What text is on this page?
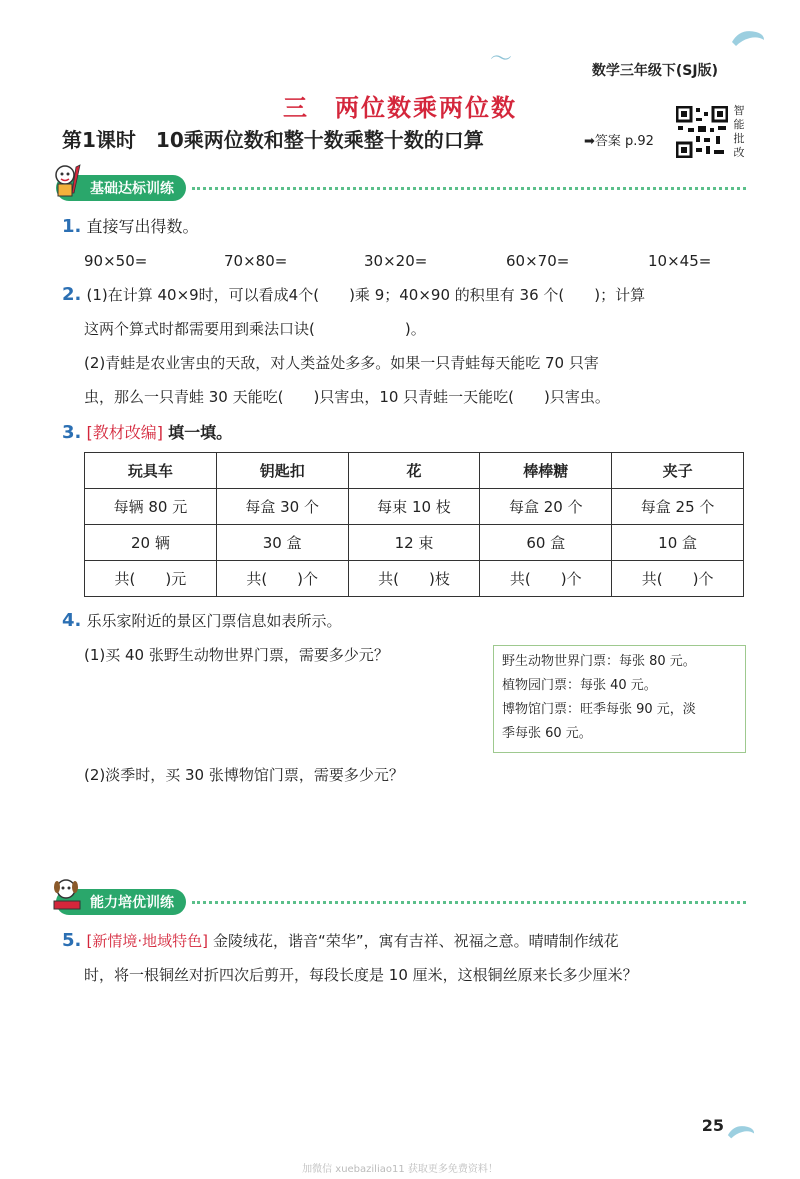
〜	数学三年级下(SJ版)
三　两位数乘两位数
第1课时　10乘两位数和整十数乘整十数的口算	➡答案 p.92
智能批改
基础达标训练
1. 直接写出得数。
90×50=	70×80=	30×20=	60×70=	10×45=
2. (1)在计算 40×9时，可以看成4个(　　)乘 9；40×90 的积里有 36 个(　　)；计算
这两个算式时都需要用到乘法口诀(　　　　　　)。
(2)青蛙是农业害虫的天敌，对人类益处多多。如果一只青蛙每天能吃 70 只害
虫，那么一只青蛙 30 天能吃(　　)只害虫，10 只青蛙一天能吃(　　)只害虫。
3. [教材改编] 填一填。
玩具车	钥匙扣	花	棒棒糖	夹子
每辆 80 元	每盒 30 个	每束 10 枝	每盒 20 个	每盒 25 个
20 辆	30 盒	12 束	60 盒	10 盒
共(　　)元	共(　　)个	共(　　)枝	共(　　)个	共(　　)个
4. 乐乐家附近的景区门票信息如表所示。
(1)买 40 张野生动物世界门票，需要多少元？	野生动物世界门票：每张 80 元。
植物园门票：每张 40 元。
博物馆门票：旺季每张 90 元，淡
季每张 60 元。
(2)淡季时，买 30 张博物馆门票，需要多少元？
能力培优训练
5. [新情境·地域特色] 金陵绒花，谐音“荣华”，寓有吉祥、祝福之意。晴晴制作绒花
时，将一根铜丝对折四次后剪开，每段长度是 10 厘米，这根铜丝原来长多少厘米？
25
加微信 xuebaziliao11 获取更多免费资料！
